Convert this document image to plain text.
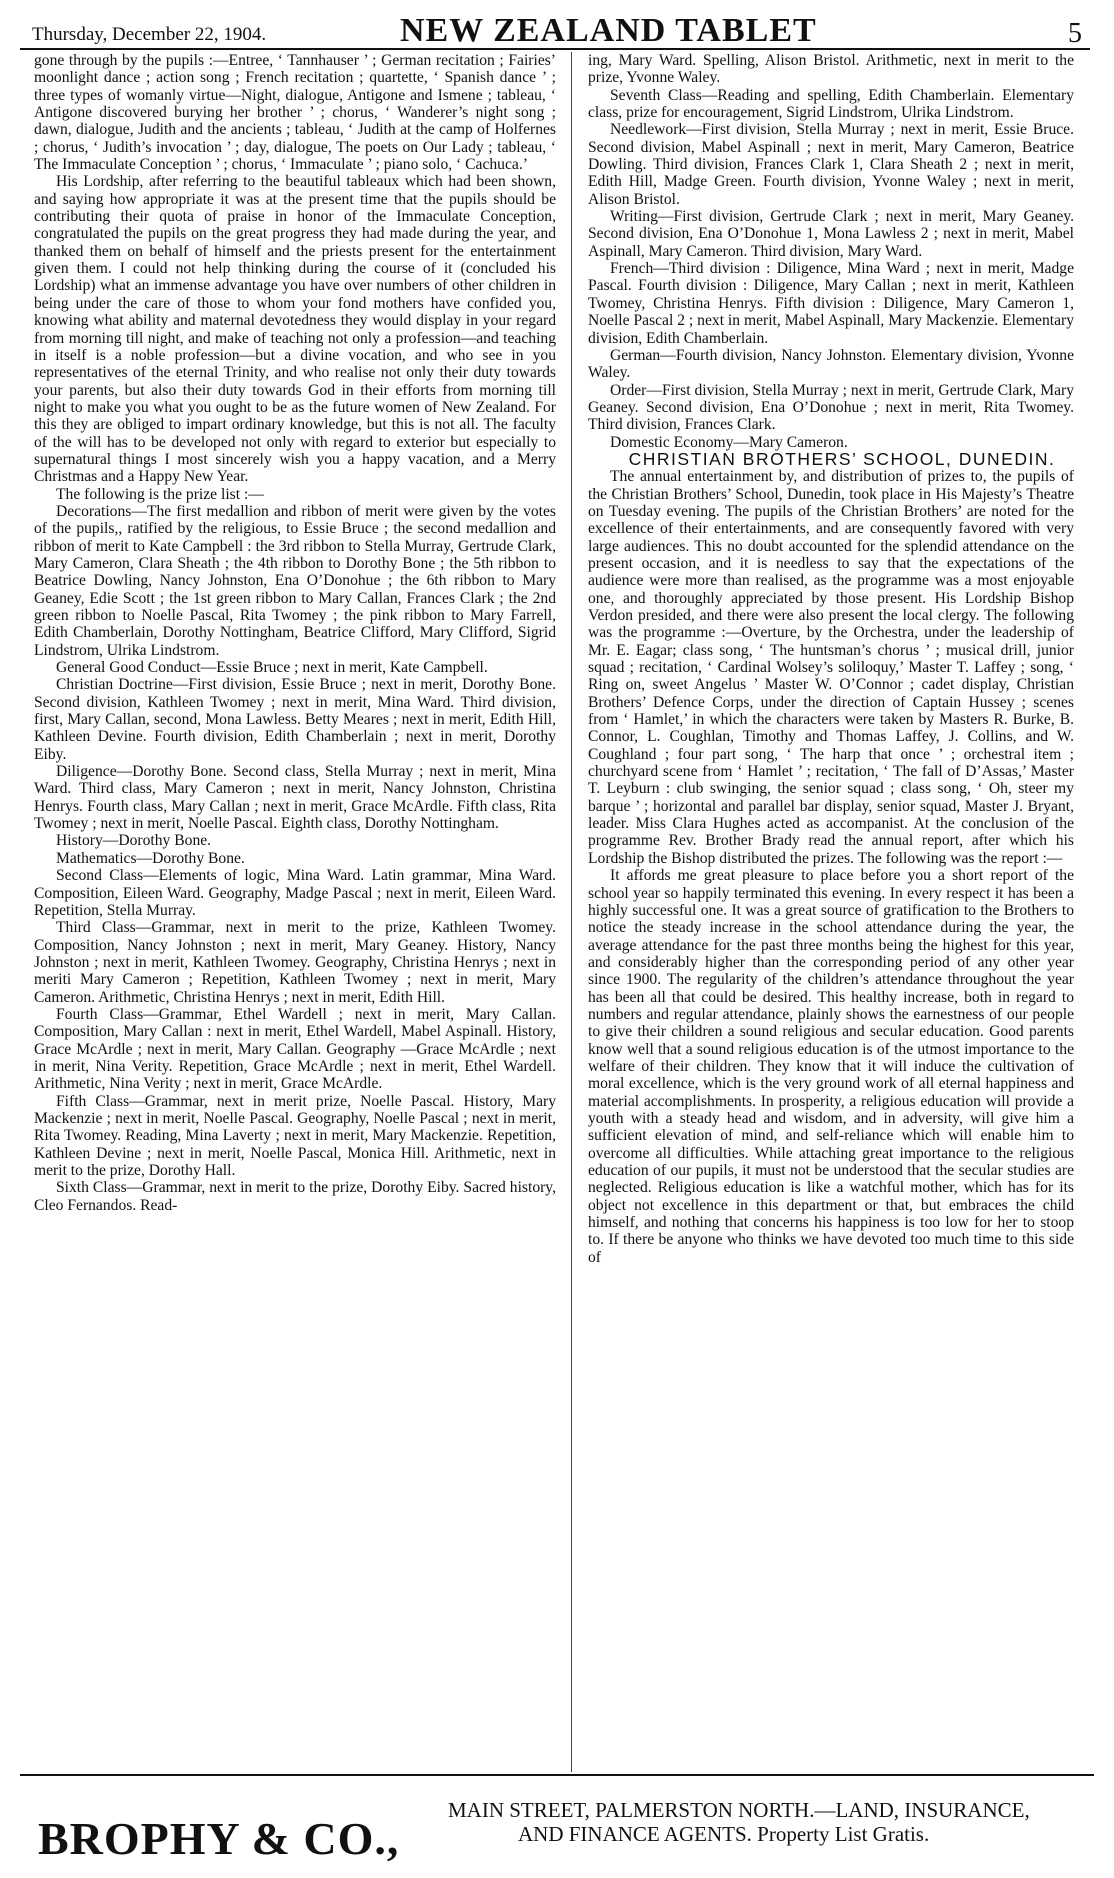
Thursday, December 22, 1904.	NEW ZEALAND TABLET	5

gone through by the pupils :—Entree, ‘ Tannhauser ’ ; German recitation ; Fairies’ moonlight dance ; action song ; French recitation ; quartette, ‘ Spanish dance ’ ; three types of womanly virtue—Night, dialogue, Antigone and Ismene ; tableau, ‘ Antigone discovered burying her brother ’ ; chorus, ‘ Wanderer’s night song ; dawn, dialogue, Judith and the ancients ; tableau, ‘ Judith at the camp of Holfernes ; chorus, ‘ Judith’s invocation ’ ; day, dialogue, The poets on Our Lady ; tableau, ‘ The Immaculate Conception ’ ; chorus, ‘ Immaculate ’ ; piano solo, ‘ Cachuca.’

His Lordship, after referring to the beautiful tableaux which had been shown, and saying how appropriate it was at the present time that the pupils should be contributing their quota of praise in honor of the Immaculate Conception, congratulated the pupils on the great progress they had made during the year, and thanked them on behalf of himself and the priests present for the entertainment given them. I could not help thinking during the course of it (concluded his Lordship) what an immense advantage you have over numbers of other children in being under the care of those to whom your fond mothers have confided you, knowing what ability and maternal devotedness they would display in your regard from morning till night, and make of teaching not only a profession—and teaching in itself is a noble profession—but a divine vocation, and who see in you representatives of the eternal Trinity, and who realise not only their duty towards your parents, but also their duty towards God in their efforts from morning till night to make you what you ought to be as the future women of New Zealand. For this they are obliged to impart ordinary knowledge, but this is not all. The faculty of the will has to be developed not only with regard to exterior but especially to supernatural things I most sincerely wish you a happy vacation, and a Merry Christmas and a Happy New Year.

The following is the prize list :—

Decorations—The first medallion and ribbon of merit were given by the votes of the pupils,, ratified by the religious, to Essie Bruce ; the second medallion and ribbon of merit to Kate Campbell : the 3rd ribbon to Stella Murray, Gertrude Clark, Mary Cameron, Clara Sheath ; the 4th ribbon to Dorothy Bone ; the 5th ribbon to Beatrice Dowling, Nancy Johnston, Ena O’Donohue ; the 6th ribbon to Mary Geaney, Edie Scott ; the 1st green ribbon to Mary Callan, Frances Clark ; the 2nd green ribbon to Noelle Pascal, Rita Twomey ; the pink ribbon to Mary Farrell, Edith Chamberlain, Dorothy Nottingham, Beatrice Clifford, Mary Clifford, Sigrid Lindstrom, Ulrika Lindstrom.

General Good Conduct—Essie Bruce ; next in merit, Kate Campbell.

Christian Doctrine—First division, Essie Bruce ; next in merit, Dorothy Bone. Second division, Kathleen Twomey ; next in merit, Mina Ward. Third division, first, Mary Callan, second, Mona Lawless. Betty Meares ; next in merit, Edith Hill, Kathleen Devine. Fourth division, Edith Chamberlain ; next in merit, Dorothy Eiby.

Diligence—Dorothy Bone. Second class, Stella Murray ; next in merit, Mina Ward. Third class, Mary Cameron ; next in merit, Nancy Johnston, Christina Henrys. Fourth class, Mary Callan ; next in merit, Grace McArdle. Fifth class, Rita Twomey ; next in merit, Noelle Pascal. Eighth class, Dorothy Nottingham.

History—Dorothy Bone.

Mathematics—Dorothy Bone.

Second Class—Elements of logic, Mina Ward. Latin grammar, Mina Ward. Composition, Eileen Ward. Geography, Madge Pascal ; next in merit, Eileen Ward. Repetition, Stella Murray.

Third Class—Grammar, next in merit to the prize, Kathleen Twomey. Composition, Nancy Johnston ; next in merit, Mary Geaney. History, Nancy Johnston ; next in merit, Kathleen Twomey. Geography, Christina Henrys ; next in meriti Mary Cameron ; Repetition, Kathleen Twomey ; next in merit, Mary Cameron. Arithmetic, Christina Henrys ; next in merit, Edith Hill.

Fourth Class—Grammar, Ethel Wardell ; next in merit, Mary Callan. Composition, Mary Callan : next in merit, Ethel Wardell, Mabel Aspinall. History, Grace McArdle ; next in merit, Mary Callan. Geography —Grace McArdle ; next in merit, Nina Verity. Repetition, Grace McArdle ; next in merit, Ethel Wardell. Arithmetic, Nina Verity ; next in merit, Grace McArdle.

Fifth Class—Grammar, next in merit prize, Noelle Pascal. History, Mary Mackenzie ; next in merit, Noelle Pascal. Geography, Noelle Pascal ; next in merit, Rita Twomey. Reading, Mina Laverty ; next in merit, Mary Mackenzie. Repetition, Kathleen Devine ; next in merit, Noelle Pascal, Monica Hill. Arithmetic, next in merit to the prize, Dorothy Hall.

Sixth Class—Grammar, next in merit to the prize, Dorothy Eiby. Sacred history, Cleo Fernandos. Read-

ing, Mary Ward. Spelling, Alison Bristol. Arithmetic, next in merit to the prize, Yvonne Waley.

Seventh Class—Reading and spelling, Edith Chamberlain. Elementary class, prize for encouragement, Sigrid Lindstrom, Ulrika Lindstrom.

Needlework—First division, Stella Murray ; next in merit, Essie Bruce. Second division, Mabel Aspinall ; next in merit, Mary Cameron, Beatrice Dowling. Third division, Frances Clark 1, Clara Sheath 2 ; next in merit, Edith Hill, Madge Green. Fourth division, Yvonne Waley ; next in merit, Alison Bristol.

Writing—First division, Gertrude Clark ; next in merit, Mary Geaney. Second division, Ena O’Donohue 1, Mona Lawless 2 ; next in merit, Mabel Aspinall, Mary Cameron. Third division, Mary Ward.

French—Third division : Diligence, Mina Ward ; next in merit, Madge Pascal. Fourth division : Diligence, Mary Callan ; next in merit, Kathleen Twomey, Christina Henrys. Fifth division : Diligence, Mary Cameron 1, Noelle Pascal 2 ; next in merit, Mabel Aspinall, Mary Mackenzie. Elementary division, Edith Chamberlain.

German—Fourth division, Nancy Johnston. Elementary division, Yvonne Waley.

Order—First division, Stella Murray ; next in merit, Gertrude Clark, Mary Geaney. Second division, Ena O’Donohue ; next in merit, Rita Twomey. Third division, Frances Clark.

Domestic Economy—Mary Cameron.

CHRISTIAN BROTHERS’ SCHOOL, DUNEDIN.

The annual entertainment by, and distribution of prizes to, the pupils of the Christian Brothers’ School, Dunedin, took place in His Majesty’s Theatre on Tuesday evening. The pupils of the Christian Brothers’ are noted for the excellence of their entertainments, and are consequently favored with very large audiences. This no doubt accounted for the splendid attendance on the present occasion, and it is needless to say that the expectations of the audience were more than realised, as the programme was a most enjoyable one, and thoroughly appreciated by those present. His Lordship Bishop Verdon presided, and there were also present the local clergy. The following was the programme :—Overture, by the Orchestra, under the leadership of Mr. E. Eagar; class song, ‘ The huntsman’s chorus ’ ; musical drill, junior squad ; recitation, ‘ Cardinal Wolsey’s soliloquy,’ Master T. Laffey ; song, ‘ Ring on, sweet Angelus ’ Master W. O’Connor ; cadet display, Christian Brothers’ Defence Corps, under the direction of Captain Hussey ; scenes from ‘ Hamlet,’ in which the characters were taken by Masters R. Burke, B. Connor, L. Coughlan, Timothy and Thomas Laffey, J. Collins, and W. Coughland ; four part song, ‘ The harp that once ’ ; orchestral item ; churchyard scene from ‘ Hamlet ’ ; recitation, ‘ The fall of D’Assas,’ Master T. Leyburn : club swinging, the senior squad ; class song, ‘ Oh, steer my barque ’ ; horizontal and parallel bar display, senior squad, Master J. Bryant, leader. Miss Clara Hughes acted as accompanist. At the conclusion of the programme Rev. Brother Brady read the annual report, after which his Lordship the Bishop distributed the prizes. The following was the report :—

It affords me great pleasure to place before you a short report of the school year so happily terminated this evening. In every respect it has been a highly successful one. It was a great source of gratification to the Brothers to notice the steady increase in the school attendance during the year, the average attendance for the past three months being the highest for this year, and considerably higher than the corresponding period of any other year since 1900. The regularity of the children’s attendance throughout the year has been all that could be desired. This healthy increase, both in regard to numbers and regular attendance, plainly shows the earnestness of our people to give their children a sound religious and secular education. Good parents know well that a sound religious education is of the utmost importance to the welfare of their children. They know that it will induce the cultivation of moral excellence, which is the very ground work of all eternal happiness and material accomplishments. In prosperity, a religious education will provide a youth with a steady head and wisdom, and in adversity, will give him a sufficient elevation of mind, and self-reliance which will enable him to overcome all difficulties. While attaching great importance to the religious education of our pupils, it must not be understood that the secular studies are neglected. Religious education is like a watchful mother, which has for its object not excellence in this department or that, but embraces the child himself, and nothing that concerns his happiness is too low for her to stoop to. If there be anyone who thinks we have devoted too much time to this side of

BROPHY & CO.,
MAIN STREET, PALMERSTON NORTH.—LAND, INSURANCE,
AND FINANCE AGENTS. Property List Gratis.
